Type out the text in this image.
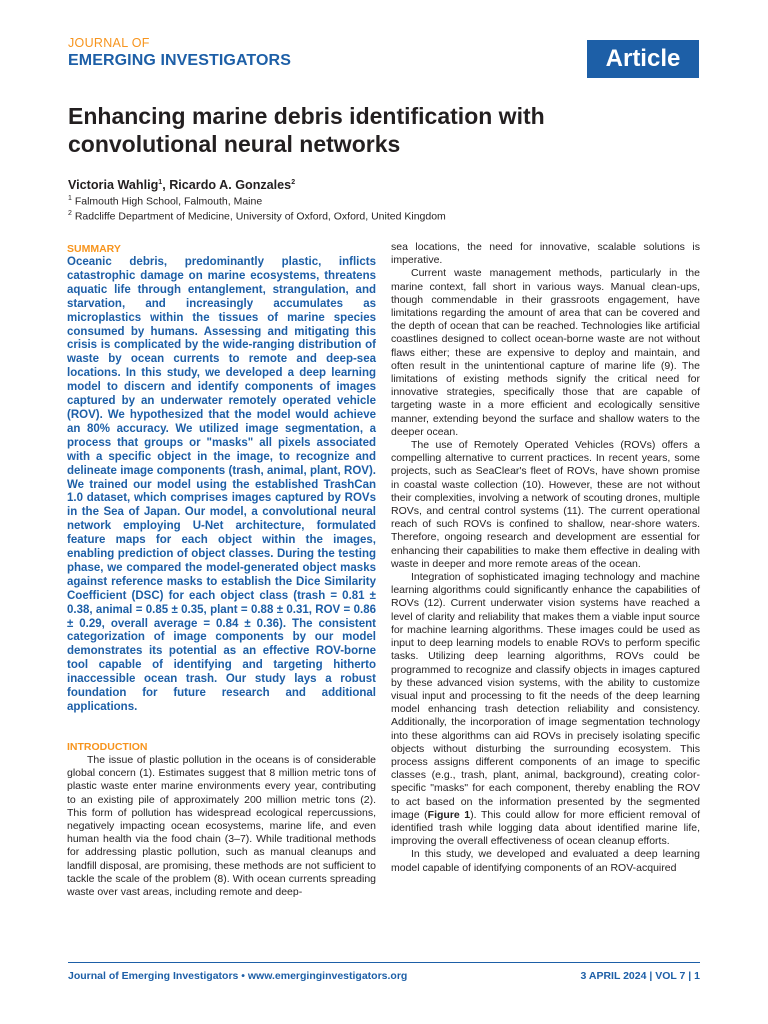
JOURNAL OF
EMERGING INVESTIGATORS	Article
Enhancing marine debris identification with convolutional neural networks
Victoria Wahlig$^1$, Ricardo A. Gonzales$^2$
$^1$ Falmouth High School, Falmouth, Maine
$^2$ Radcliffe Department of Medicine, University of Oxford, Oxford, United Kingdom
SUMMARY

Oceanic debris, predominantly plastic, inflicts catastrophic damage on marine ecosystems, threatens aquatic life through entanglement, strangulation, and starvation, and increasingly accumulates as microplastics within the tissues of marine species consumed by humans. Assessing and mitigating this crisis is complicated by the wide-ranging distribution of waste by ocean currents to remote and deep-sea locations. In this study, we developed a deep learning model to discern and identify components of images captured by an underwater remotely operated vehicle (ROV). We hypothesized that the model would achieve an 80% accuracy. We utilized image segmentation, a process that groups or "masks" all pixels associated with a specific object in the image, to recognize and delineate image components (trash, animal, plant, ROV). We trained our model using the established TrashCan 1.0 dataset, which comprises images captured by ROVs in the Sea of Japan. Our model, a convolutional neural network employing U-Net architecture, formulated feature maps for each object within the images, enabling prediction of object classes. During the testing phase, we compared the model-generated object masks against reference masks to establish the Dice Similarity Coefficient (DSC) for each object class (trash = 0.81 ± 0.38, animal = 0.85 ± 0.35, plant = 0.88 ± 0.31, ROV = 0.86 ± 0.29, overall average = 0.84 ± 0.36). The consistent categorization of image components by our model demonstrates its potential as an effective ROV-borne tool capable of identifying and targeting hitherto inaccessible ocean trash. Our study lays a robust foundation for future research and additional applications.

INTRODUCTION

The issue of plastic pollution in the oceans is of considerable global concern (1). Estimates suggest that 8 million metric tons of plastic waste enter marine environments every year, contributing to an existing pile of approximately 200 million metric tons (2). This form of pollution has widespread ecological repercussions, negatively impacting ocean ecosystems, marine life, and even human health via the food chain (3–7). While traditional methods for addressing plastic pollution, such as manual cleanups and landfill disposal, are promising, these methods are not sufficient to tackle the scale of the problem (8). With ocean currents spreading waste over vast areas, including remote and deep-

sea locations, the need for innovative, scalable solutions is imperative.

Current waste management methods, particularly in the marine context, fall short in various ways. Manual clean-ups, though commendable in their grassroots engagement, have limitations regarding the amount of area that can be covered and the depth of ocean that can be reached. Technologies like artificial coastlines designed to collect ocean-borne waste are not without flaws either; these are expensive to deploy and maintain, and often result in the unintentional capture of marine life (9). The limitations of existing methods signify the critical need for innovative strategies, specifically those that are capable of targeting waste in a more efficient and ecologically sensitive manner, extending beyond the surface and shallow waters to the deeper ocean.

The use of Remotely Operated Vehicles (ROVs) offers a compelling alternative to current practices. In recent years, some projects, such as SeaClear's fleet of ROVs, have shown promise in coastal waste collection (10). However, these are not without their complexities, involving a network of scouting drones, multiple ROVs, and central control systems (11). The current operational reach of such ROVs is confined to shallow, near-shore waters. Therefore, ongoing research and development are essential for enhancing their capabilities to make them effective in dealing with waste in deeper and more remote areas of the ocean.

Integration of sophisticated imaging technology and machine learning algorithms could significantly enhance the capabilities of ROVs (12). Current underwater vision systems have reached a level of clarity and reliability that makes them a viable input source for machine learning algorithms. These images could be used as input to deep learning models to enable ROVs to perform specific tasks. Utilizing deep learning algorithms, ROVs could be programmed to recognize and classify objects in images captured by these advanced vision systems, with the ability to customize visual input and processing to fit the needs of the deep learning model enhancing trash detection reliability and consistency. Additionally, the incorporation of image segmentation technology into these algorithms can aid ROVs in precisely isolating specific objects without disturbing the surrounding ecosystem. This process assigns different components of an image to specific classes (e.g., trash, plant, animal, background), creating color-specific "masks" for each component, thereby enabling the ROV to act based on the information presented by the segmented image (Figure 1). This could allow for more efficient removal of identified trash while logging data about identified marine life, improving the overall effectiveness of ocean cleanup efforts.

In this study, we developed and evaluated a deep learning model capable of identifying components of an ROV-acquired

Journal of Emerging Investigators • www.emerginginvestigators.org	3 APRIL 2024 | VOL 7 | 1
